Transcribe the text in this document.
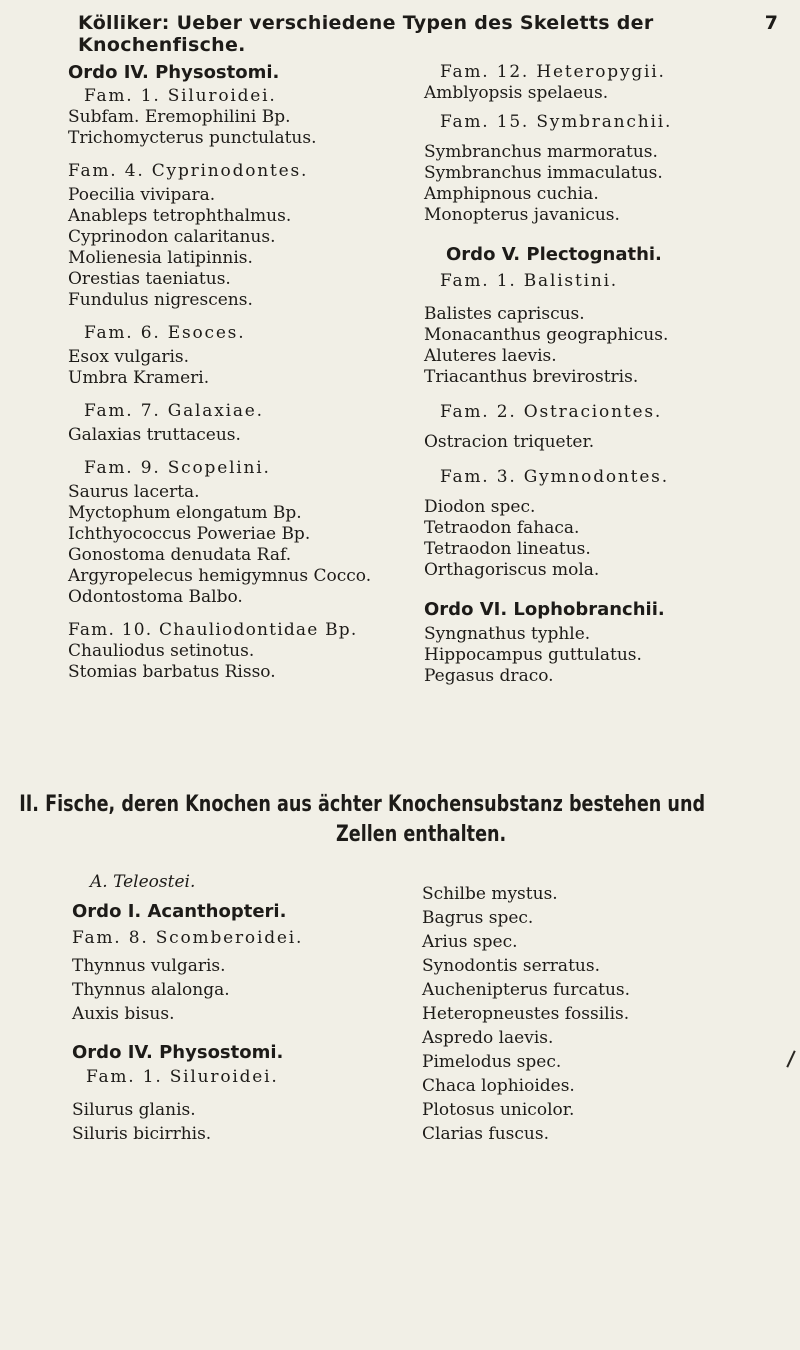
Kölliker: Ueber verschiedene Typen des Skeletts der Knochenfische.
7
Ordo IV. Physostomi.
Fam. 1. Siluroidei.
Subfam. Eremophilini Bp.
Trichomycterus punctulatus.
Fam. 4. Cyprinodontes.
Poecilia vivipara.
Anableps tetrophthalmus.
Cyprinodon calaritanus.
Molienesia latipinnis.
Orestias taeniatus.
Fundulus nigrescens.
Fam. 6. Esoces.
Esox vulgaris.
Umbra Krameri.
Fam. 7. Galaxiae.
Galaxias truttaceus.
Fam. 9. Scopelini.
Saurus lacerta.
Myctophum elongatum Bp.
Ichthyococcus Poweriae Bp.
Gonostoma denudata Raf.
Argyropelecus hemigymnus Cocco.
Odontostoma Balbo.
Fam. 10. Chauliodontidae Bp.
Chauliodus setinotus.
Stomias barbatus Risso.
Fam. 12. Heteropygii.
Amblyopsis spelaeus.
Fam. 15. Symbranchii.
Symbranchus marmoratus.
Symbranchus immaculatus.
Amphipnous cuchia.
Monopterus javanicus.
Ordo V. Plectognathi.
Fam. 1. Balistini.
Balistes capriscus.
Monacanthus geographicus.
Aluteres laevis.
Triacanthus brevirostris.
Fam. 2. Ostraciontes.
Ostracion triqueter.
Fam. 3. Gymnodontes.
Diodon spec.
Tetraodon fahaca.
Tetraodon lineatus.
Orthagoriscus mola.
Ordo VI. Lophobranchii.
Syngnathus typhle.
Hippocampus guttulatus.
Pegasus draco.
II. Fische, deren Knochen aus ächter Knochensubstanz bestehen und
Zellen enthalten.
A. Teleostei.
Ordo I. Acanthopteri.
Fam. 8. Scomberoidei.
Thynnus vulgaris.
Thynnus alalonga.
Auxis bisus.
Ordo IV. Physostomi.
Fam. 1. Siluroidei.
Silurus glanis.
Siluris bicirrhis.
Schilbe mystus.
Bagrus spec.
Arius spec.
Synodontis serratus.
Auchenipterus furcatus.
Heteropneustes fossilis.
Aspredo laevis.
Pimelodus spec.
Chaca lophioides.
Plotosus unicolor.
Clarias fuscus.
